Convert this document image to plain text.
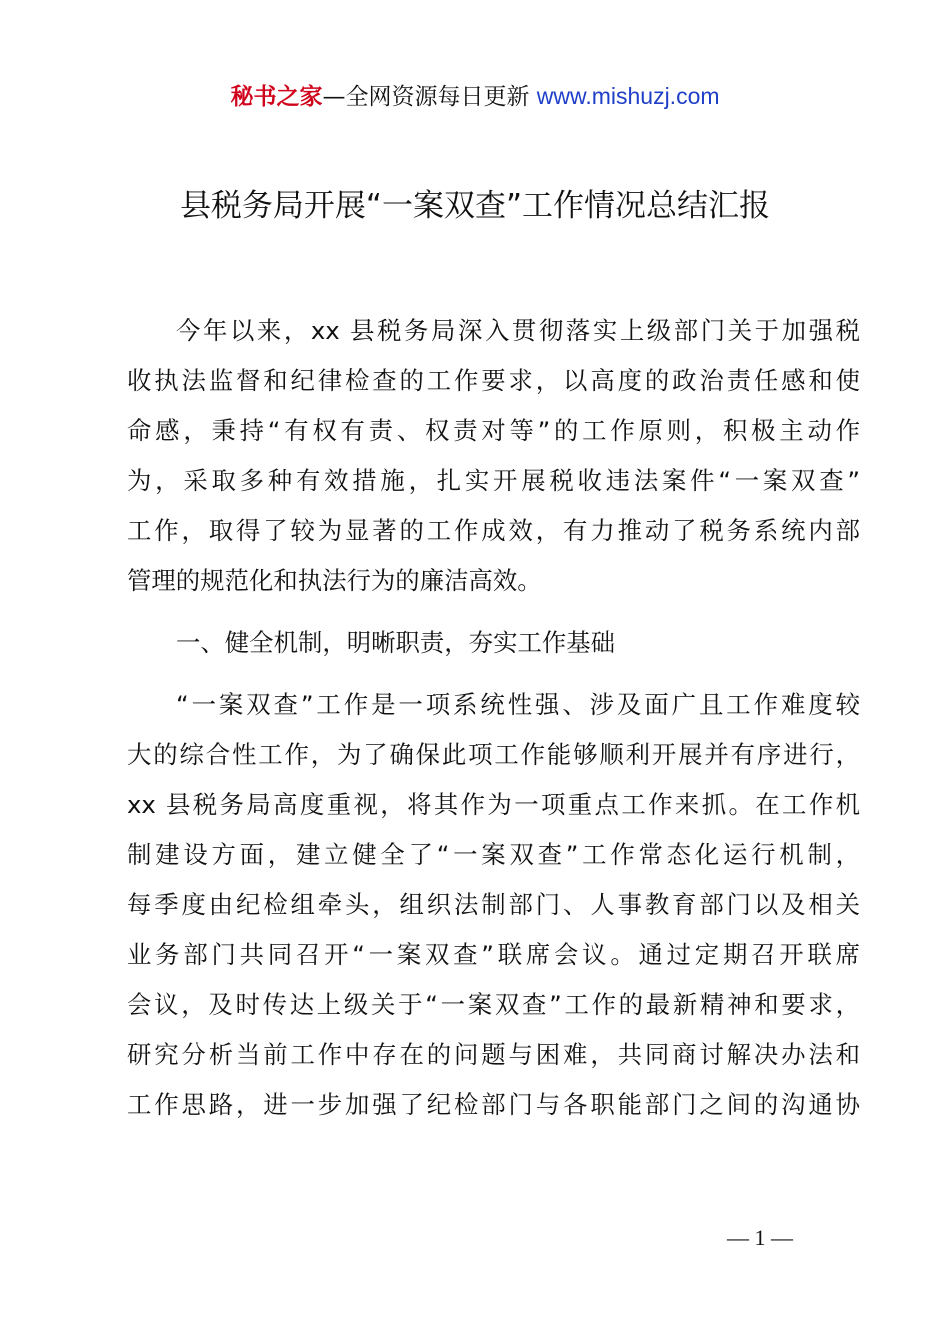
秘书之家—全网资源每日更新 www.mishuzj.com
县税务局开展“一案双查”工作情况总结汇报
今年以来，xx 县税务局深入贯彻落实上级部门关于加强税
收执法监督和纪律检查的工作要求，以高度的政治责任感和使
命感，秉持“有权有责、权责对等”的工作原则，积极主动作
为，采取多种有效措施，扎实开展税收违法案件“一案双查”
工作，取得了较为显著的工作成效，有力推动了税务系统内部
管理的规范化和执法行为的廉洁高效。
一、健全机制，明晰职责，夯实工作基础
“一案双查”工作是一项系统性强、涉及面广且工作难度较
大的综合性工作，为了确保此项工作能够顺利开展并有序进行，
xx 县税务局高度重视，将其作为一项重点工作来抓。在工作机
制建设方面，建立健全了“一案双查”工作常态化运行机制，
每季度由纪检组牵头，组织法制部门、人事教育部门以及相关
业务部门共同召开“一案双查”联席会议。通过定期召开联席
会议，及时传达上级关于“一案双查”工作的最新精神和要求，
研究分析当前工作中存在的问题与困难，共同商讨解决办法和
工作思路，进一步加强了纪检部门与各职能部门之间的沟通协
— 1 —
